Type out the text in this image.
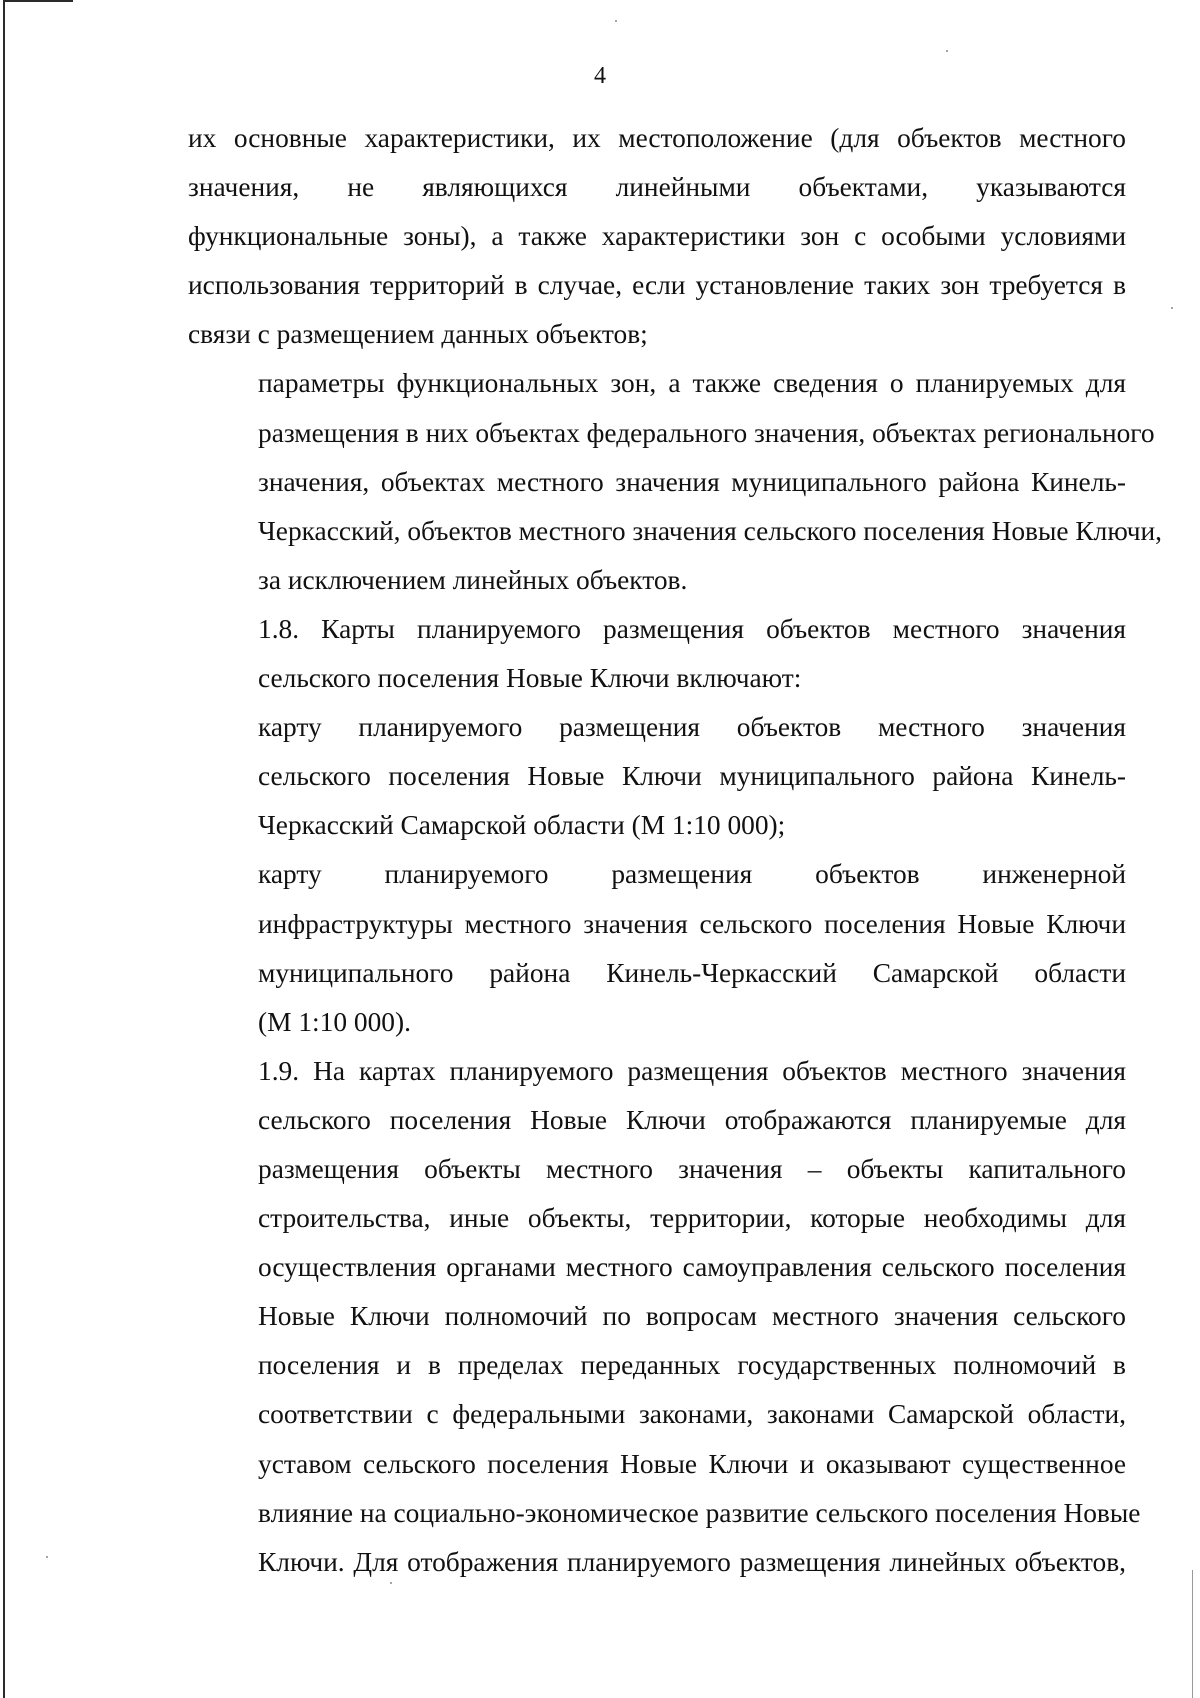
4

их основные характеристики, их местоположение (для объектов местного
значения, не являющихся линейными объектами, указываются
функциональные зоны), а также характеристики зон с особыми условиями
использования территорий в случае, если установление таких зон требуется в
связи с размещением данных объектов;

параметры функциональных зон, а также сведения о планируемых для
размещения в них объектах федерального значения, объектах регионального
значения, объектах местного значения муниципального района Кинель-
Черкасский, объектов местного значения сельского поселения Новые Ключи,
за исключением линейных объектов.

1.8. Карты планируемого размещения объектов местного значения
сельского поселения Новые Ключи включают:

карту планируемого размещения объектов местного значения
сельского поселения Новые Ключи муниципального района Кинель-
Черкасский Самарской области (М 1:10 000);

карту планируемого размещения объектов инженерной
инфраструктуры местного значения сельского поселения Новые Ключи
муниципального района Кинель-Черкасский Самарской области
(М 1:10 000).

1.9. На картах планируемого размещения объектов местного значения
сельского поселения Новые Ключи отображаются планируемые для
размещения объекты местного значения – объекты капитального
строительства, иные объекты, территории, которые необходимы для
осуществления органами местного самоуправления сельского поселения
Новые Ключи полномочий по вопросам местного значения сельского
поселения и в пределах переданных государственных полномочий в
соответствии с федеральными законами, законами Самарской области,
уставом сельского поселения Новые Ключи и оказывают существенное
влияние на социально-экономическое развитие сельского поселения Новые
Ключи. Для отображения планируемого размещения линейных объектов,
